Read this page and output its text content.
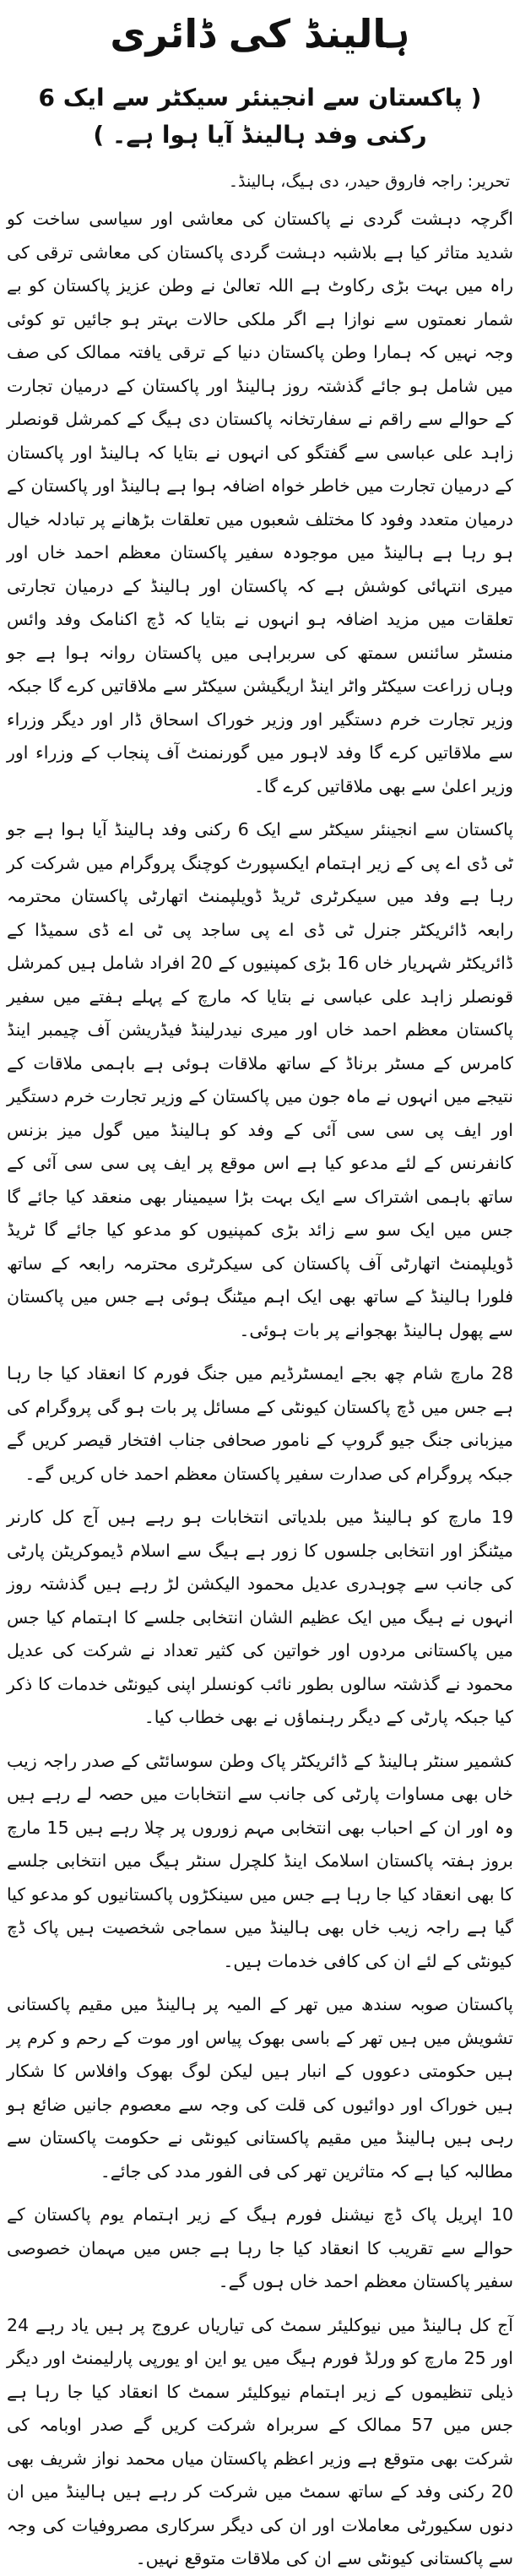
ہالینڈ کی ڈائری
( پاکستان سے انجینئر سیکٹر سے ایک 6 رکنی وفد ہالینڈ آیا ہوا ہے۔ )
تحریر: راجہ فاروق حیدر، دی ہیگ، ہالینڈ۔

اگرچہ دہشت گردی نے پاکستان کی معاشی اور سیاسی ساخت کو شدید متاثر کیا ہے بلاشبہ دہشت گردی پاکستان کی معاشی ترقی کی راہ میں بہت بڑی رکاوٹ ہے اللہ تعالیٰ نے وطن عزیز پاکستان کو بے شمار نعمتوں سے نوازا ہے اگر ملکی حالات بہتر ہو جائیں تو کوئی وجہ نہیں کہ ہمارا وطن پاکستان دنیا کے ترقی یافتہ ممالک کی صف میں شامل ہو جائے گذشتہ روز ہالینڈ اور پاکستان کے درمیان تجارت کے حوالے سے راقم نے سفارتخانہ پاکستان دی ہیگ کے کمرشل قونصلر زاہد علی عباسی سے گفتگو کی انہوں نے بتایا کہ ہالینڈ اور پاکستان کے درمیان تجارت میں خاطر خواہ اضافہ ہوا ہے ہالینڈ اور پاکستان کے درمیان متعدد وفود کا مختلف شعبوں میں تعلقات بڑھانے پر تبادلہ خیال ہو رہا ہے ہالینڈ میں موجودہ سفیر پاکستان معظم احمد خاں اور میری انتہائی کوشش ہے کہ پاکستان اور ہالینڈ کے درمیان تجارتی تعلقات میں مزید اضافہ ہو انہوں نے بتایا کہ ڈچ اکنامک وفد وائس منسٹر سائنس سمتھ کی سربراہی میں پاکستان روانہ ہوا ہے جو وہاں زراعت سیکٹر واٹر اینڈ اریگیشن سیکٹر سے ملاقاتیں کرے گا جبکہ وزیر تجارت خرم دستگیر اور وزیر خوراک اسحاق ڈار اور دیگر وزراء سے ملاقاتیں کرے گا وفد لاہور میں گورنمنٹ آف پنجاب کے وزراء اور وزیر اعلیٰ سے بھی ملاقاتیں کرے گا۔

پاکستان سے انجینئر سیکٹر سے ایک 6 رکنی وفد ہالینڈ آیا ہوا ہے جو ٹی ڈی اے پی کے زیر اہتمام ایکسپورٹ کوچنگ پروگرام میں شرکت کر رہا ہے وفد میں سیکرٹری ٹریڈ ڈویلپمنٹ اتھارٹی پاکستان محترمہ رابعہ ڈائریکٹر جنرل ٹی ڈی اے پی ساجد پی ٹی اے ڈی سمیڈا کے ڈائریکٹر شہریار خاں 16 بڑی کمپنیوں کے 20 افراد شامل ہیں کمرشل قونصلر زاہد علی عباسی نے بتایا کہ مارچ کے پہلے ہفتے میں سفیر پاکستان معظم احمد خاں اور میری نیدرلینڈ فیڈریشن آف چیمبر اینڈ کامرس کے مسٹر برناڈ کے ساتھ ملاقات ہوئی ہے باہمی ملاقات کے نتیجے میں انہوں نے ماہ جون میں پاکستان کے وزیر تجارت خرم دستگیر اور ایف پی سی سی آئی کے وفد کو ہالینڈ میں گول میز بزنس کانفرنس کے لئے مدعو کیا ہے اس موقع پر ایف پی سی سی آئی کے ساتھ باہمی اشتراک سے ایک بہت بڑا سیمینار بھی منعقد کیا جائے گا جس میں ایک سو سے زائد بڑی کمپنیوں کو مدعو کیا جائے گا ٹریڈ ڈویلپمنٹ اتھارٹی آف پاکستان کی سیکرٹری محترمہ رابعہ کے ساتھ فلورا ہالینڈ کے ساتھ بھی ایک اہم میٹنگ ہوئی ہے جس میں پاکستان سے پھول ہالینڈ بھجوانے پر بات ہوئی۔

28 مارچ شام چھ بجے ایمسٹرڈیم میں جنگ فورم کا انعقاد کیا جا رہا ہے جس میں ڈچ پاکستان کیونٹی کے مسائل پر بات ہو گی پروگرام کی میزبانی جنگ جیو گروپ کے نامور صحافی جناب افتخار قیصر کریں گے جبکہ پروگرام کی صدارت سفیر پاکستان معظم احمد خاں کریں گے۔

19 مارچ کو ہالینڈ میں بلدیاتی انتخابات ہو رہے ہیں آج کل کارنر میٹنگز اور انتخابی جلسوں کا زور ہے ہیگ سے اسلام ڈیموکریٹن پارٹی کی جانب سے چوہدری عدیل محمود الیکشن لڑ رہے ہیں گذشتہ روز انہوں نے ہیگ میں ایک عظیم الشان انتخابی جلسے کا اہتمام کیا جس میں پاکستانی مردوں اور خواتین کی کثیر تعداد نے شرکت کی عدیل محمود نے گذشتہ سالوں بطور نائب کونسلر اپنی کیونٹی خدمات کا ذکر کیا جبکہ پارٹی کے دیگر رہنماؤں نے بھی خطاب کیا۔

کشمیر سنٹر ہالینڈ کے ڈائریکٹر پاک وطن سوسائٹی کے صدر راجہ زیب خاں بھی مساوات پارٹی کی جانب سے انتخابات میں حصہ لے رہے ہیں وہ اور ان کے احباب بھی انتخابی مہم زوروں پر چلا رہے ہیں 15 مارچ بروز ہفتہ پاکستان اسلامک اینڈ کلچرل سنٹر ہیگ میں انتخابی جلسے کا بھی انعقاد کیا جا رہا ہے جس میں سینکڑوں پاکستانیوں کو مدعو کیا گیا ہے راجہ زیب خاں بھی ہالینڈ میں سماجی شخصیت ہیں پاک ڈچ کیونٹی کے لئے ان کی کافی خدمات ہیں۔

پاکستان صوبہ سندھ میں تھر کے المیہ پر ہالینڈ میں مقیم پاکستانی تشویش میں ہیں تھر کے باسی بھوک پیاس اور موت کے رحم و کرم پر ہیں حکومتی دعووں کے انبار ہیں لیکن لوگ بھوک وافلاس کا شکار ہیں خوراک اور دوائیوں کی قلت کی وجہ سے معصوم جانیں ضائع ہو رہی ہیں ہالینڈ میں مقیم پاکستانی کیونٹی نے حکومت پاکستان سے مطالبہ کیا ہے کہ متاثرین تھر کی فی الفور مدد کی جائے۔

10 اپریل پاک ڈچ نیشنل فورم ہیگ کے زیر اہتمام یوم پاکستان کے حوالے سے تقریب کا انعقاد کیا جا رہا ہے جس میں مہمان خصوصی سفیر پاکستان معظم احمد خاں ہوں گے۔

آج کل ہالینڈ میں نیوکلیئر سمٹ کی تیاریاں عروج پر ہیں یاد رہے 24 اور 25 مارچ کو ورلڈ فورم ہیگ میں یو این او یورپی پارلیمنٹ اور دیگر ذیلی تنظیموں کے زیر اہتمام نیوکلیئر سمٹ کا انعقاد کیا جا رہا ہے جس میں 57 ممالک کے سربراہ شرکت کریں گے صدر اوبامہ کی شرکت بھی متوقع ہے وزیر اعظم پاکستان میاں محمد نواز شریف بھی 20 رکنی وفد کے ساتھ سمٹ میں شرکت کر رہے ہیں ہالینڈ میں ان دنوں سکیورٹی معاملات اور ان کی دیگر سرکاری مصروفیات کی وجہ سے پاکستانی کیونٹی سے ان کی ملاقات متوقع نہیں۔
